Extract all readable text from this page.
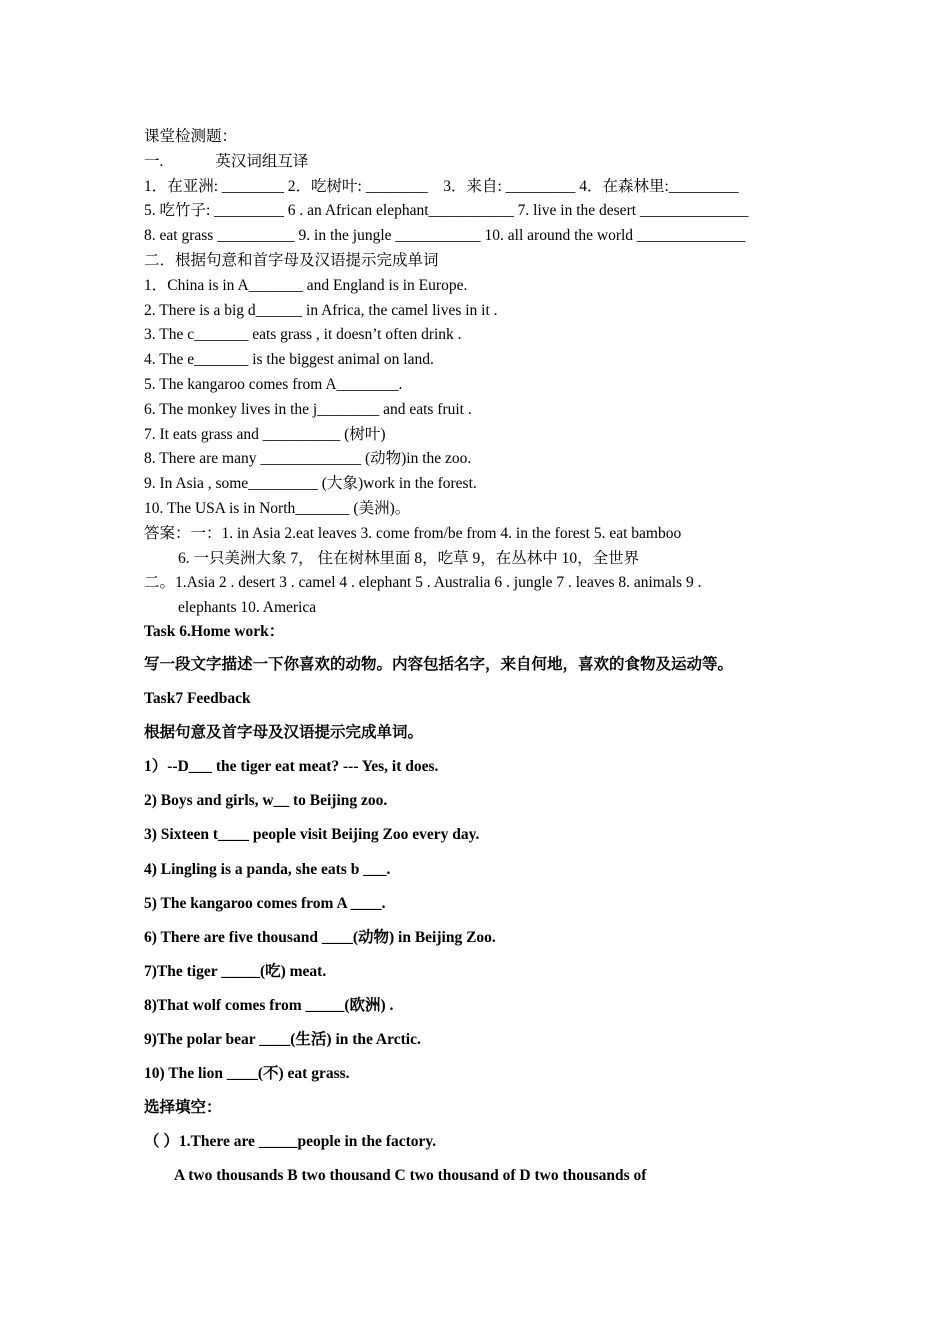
课堂检测题：
一.	英汉词组互译
1．在亚洲: ________ 2．吃树叶: ________　3．来自: _________ 4．在森林里:_________
5. 吃竹子: _________ 6 . an African elephant___________ 7. live in the desert ______________
8. eat grass __________ 9. in the jungle ___________ 10. all around the world ______________
二．根据句意和首字母及汉语提示完成单词
1．China is in A_______ and England is in Europe.
2. There is a big d______ in Africa, the camel lives in it .
3. The c_______ eats grass , it doesn’t often drink .
4. The e_______ is the biggest animal on land.
5. The kangaroo comes from A________.
6. The monkey lives in the j________ and eats fruit .
7. It eats grass and __________ (树叶)
8. There are many _____________ (动物)in the zoo.
9. In Asia , some_________ (大象)work in the forest.
10. The USA is in North_______ (美洲)。
答案：一：1. in Asia 2.eat leaves 3. come from/be from 4. in the forest 5. eat bamboo
6. 一只美洲大象 7， 住在树林里面 8，吃草 9，在丛林中 10，全世界
二。1.Asia 2 . desert 3 . camel 4 . elephant 5 . Australia 6 . jungle 7 . leaves 8. animals 9 .
elephants 10. America
Task 6.Home work：
写一段文字描述一下你喜欢的动物。内容包括名字，来自何地，喜欢的食物及运动等。
Task7 Feedback
根据句意及首字母及汉语提示完成单词。
1）--D___ the tiger eat meat? --- Yes, it does.
2) Boys and girls, w__ to Beijing zoo.
3) Sixteen t____ people visit Beijing Zoo every day.
4) Lingling is a panda, she eats b ___.
5) The kangaroo comes from A ____.
6) There are five thousand ____(动物) in Beijing Zoo.
7)The tiger _____(吃) meat.
8)That wolf comes from _____(欧洲) .
9)The polar bear ____(生活) in the Arctic.
10) The lion ____(不) eat grass.
选择填空：
（ ）1.There are _____people in the factory.
A two thousands B two thousand C two thousand of D two thousands of
